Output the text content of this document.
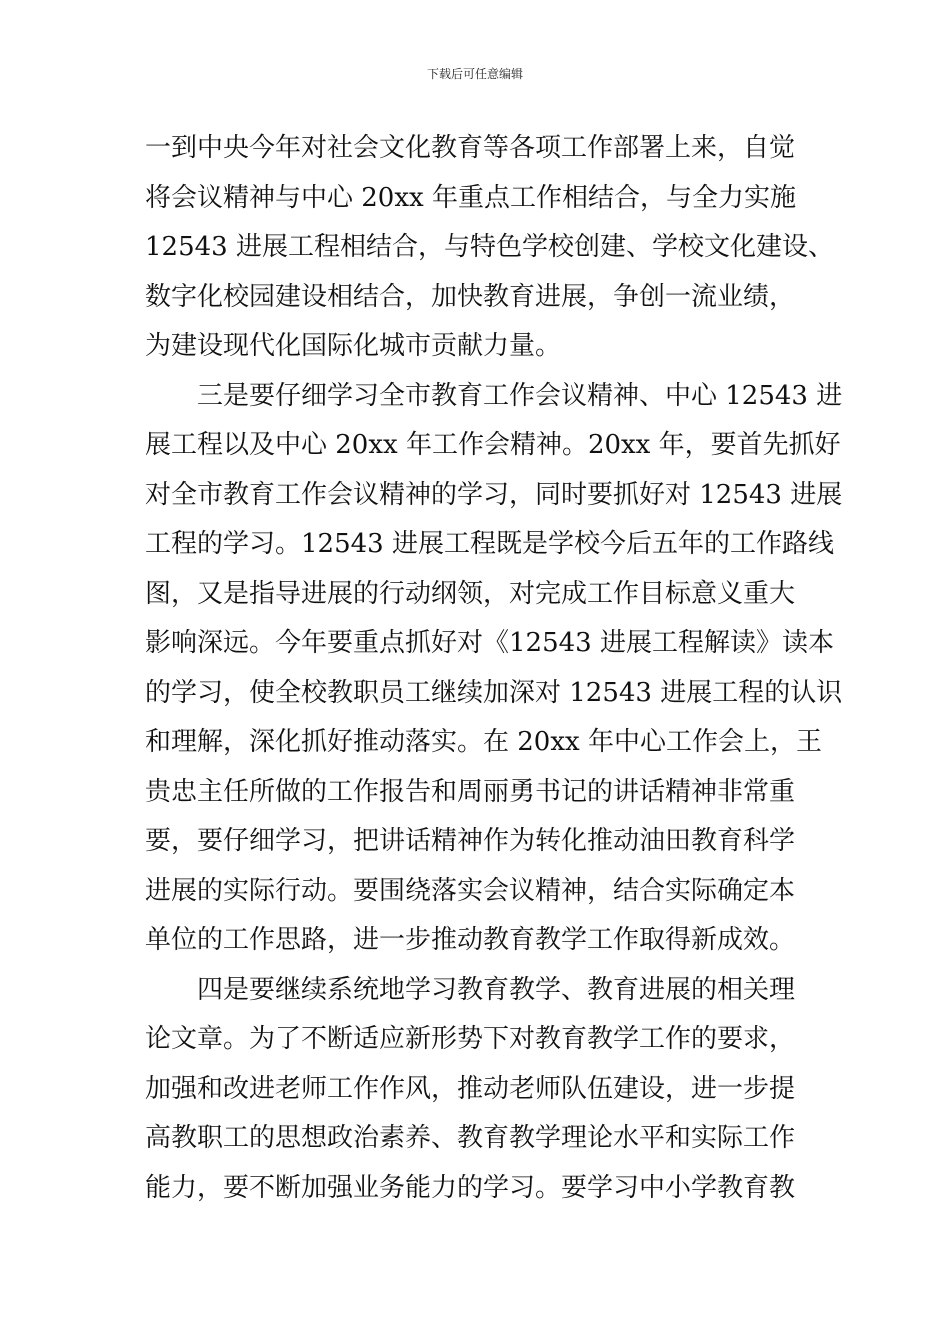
下载后可任意编辑
一到中央今年对社会文化教育等各项工作部署上来，自觉
将会议精神与中心 20xx 年重点工作相结合，与全力实施
12543 进展工程相结合，与特色学校创建、学校文化建设、
数字化校园建设相结合，加快教育进展，争创一流业绩，
为建设现代化国际化城市贡献力量。
三是要仔细学习全市教育工作会议精神、中心 12543 进
展工程以及中心 20xx 年工作会精神。20xx 年，要首先抓好
对全市教育工作会议精神的学习，同时要抓好对 12543 进展
工程的学习。12543 进展工程既是学校今后五年的工作路线
图，又是指导进展的行动纲领，对完成工作目标意义重大
影响深远。今年要重点抓好对《12543 进展工程解读》读本
的学习，使全校教职员工继续加深对 12543 进展工程的认识
和理解，深化抓好推动落实。在 20xx 年中心工作会上，王
贵忠主任所做的工作报告和周丽勇书记的讲话精神非常重
要，要仔细学习，把讲话精神作为转化推动油田教育科学
进展的实际行动。要围绕落实会议精神，结合实际确定本
单位的工作思路，进一步推动教育教学工作取得新成效。
四是要继续系统地学习教育教学、教育进展的相关理
论文章。为了不断适应新形势下对教育教学工作的要求，
加强和改进老师工作作风，推动老师队伍建设，进一步提
高教职工的思想政治素养、教育教学理论水平和实际工作
能力，要不断加强业务能力的学习。要学习中小学教育教
